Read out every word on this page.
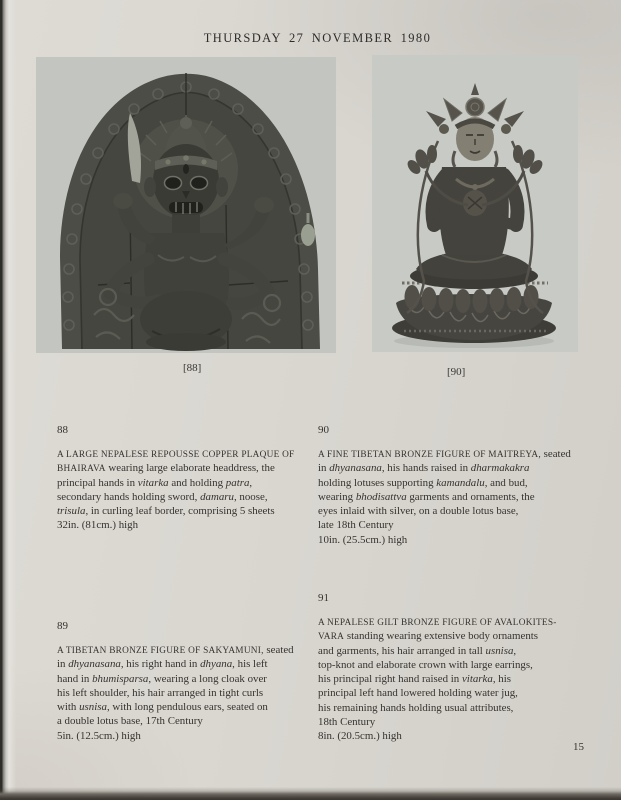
THURSDAY 27 NOVEMBER 1980
[88]	[90]
88
A LARGE NEPALESE REPOUSSE COPPER PLAQUE OF
BHAIRAVA wearing large elaborate headdress, the
principal hands in vitarka and holding patra,
secondary hands holding sword, damaru, noose,
trisula, in curling leaf border, comprising 5 sheets
32in. (81cm.) high
90
A FINE TIBETAN BRONZE FIGURE OF MAITREYA, seated
in dhyanasana, his hands raised in dharmakakra
holding lotuses supporting kamandalu, and bud,
wearing bhodisattva garments and ornaments, the
eyes inlaid with silver, on a double lotus base,
late 18th Century
10in. (25.5cm.) high
89
A TIBETAN BRONZE FIGURE OF SAKYAMUNI, seated
in dhyanasana, his right hand in dhyana, his left
hand in bhumisparsa, wearing a long cloak over
his left shoulder, his hair arranged in tight curls
with usnisa, with long pendulous ears, seated on
a double lotus base, 17th Century
5in. (12.5cm.) high
91
A NEPALESE GILT BRONZE FIGURE OF AVALOKITES-
VARA standing wearing extensive body ornaments
and garments, his hair arranged in tall usnisa,
top-knot and elaborate crown with large earrings,
his principal right hand raised in vitarka, his
principal left hand lowered holding water jug,
his remaining hands holding usual attributes,
18th Century
8in. (20.5cm.) high
15
